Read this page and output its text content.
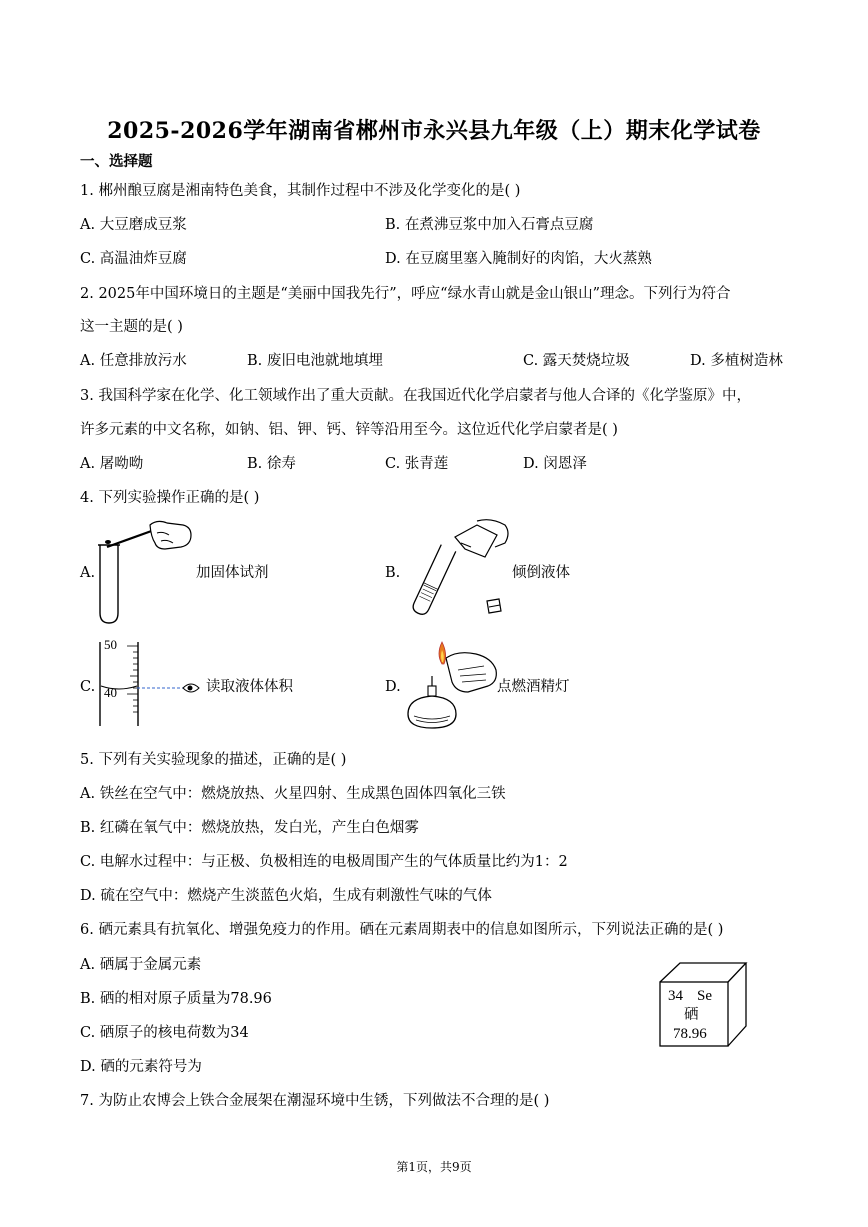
2025-2026学年湖南省郴州市永兴县九年级（上）期末化学试卷
一、选择题
1. 郴州酿豆腐是湘南特色美食，其制作过程中不涉及化学变化的是( )
A. 大豆磨成豆浆	B. 在煮沸豆浆中加入石膏点豆腐
C. 高温油炸豆腐	D. 在豆腐里塞入腌制好的肉馅，大火蒸熟
2. 2025年中国环境日的主题是“美丽中国我先行”，呼应“绿水青山就是金山银山”理念。下列行为符合
这一主题的是( )
A. 任意排放污水	B. 废旧电池就地填埋	C. 露天焚烧垃圾	D. 多植树造林
3. 我国科学家在化学、化工领域作出了重大贡献。在我国近代化学启蒙者与他人合译的《化学鉴原》中，
许多元素的中文名称，如钠、铝、钾、钙、锌等沿用至今。这位近代化学启蒙者是( )
A. 屠呦呦	B. 徐寿	C. 张青莲	D. 闵恩泽
4. 下列实验操作正确的是( )
A.	加固体试剂	B.	倾倒液体
C.
50
40	读取液体体积	D.	点燃酒精灯
5. 下列有关实验现象的描述，正确的是( )
A. 铁丝在空气中：燃烧放热、火星四射、生成黑色固体四氧化三铁
B. 红磷在氧气中：燃烧放热，发白光，产生白色烟雾
C. 电解水过程中：与正极、负极相连的电极周围产生的气体质量比约为1：2
D. 硫在空气中：燃烧产生淡蓝色火焰，生成有刺激性气味的气体
6. 硒元素具有抗氧化、增强免疫力的作用。硒在元素周期表中的信息如图所示，下列说法正确的是( )
A. 硒属于金属元素
B. 硒的相对原子质量为78.96
C. 硒原子的核电荷数为34
D. 硒的元素符号为
34 Se
硒
78.96
7. 为防止农博会上铁合金展架在潮湿环境中生锈，下列做法不合理的是( )
第1页，共9页
